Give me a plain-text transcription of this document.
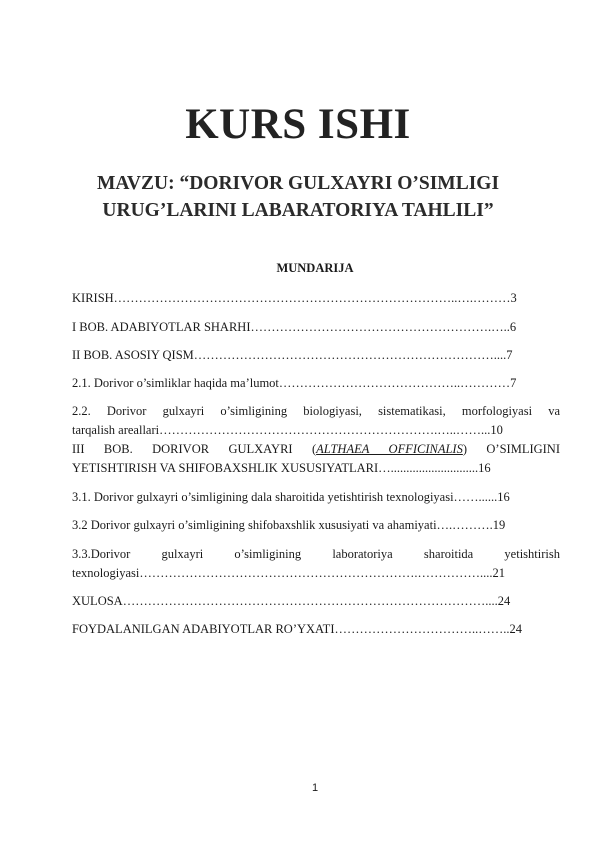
KURS ISHI
MAVZU: “DORIVOR GULXAYRI O’SIMLIGI
URUG’LARINI LABARATORIYA TAHLILI”
MUNDARIJA
KIRISH………………………………………………………………………..….………3
I BOB. ADABIYOTLAR SHARHI………………………………………………….…..6
II BOB. ASOSIY QISM………………………………………………………………....7
2.1. Dorivor o’simliklar haqida ma’lumot……………………………………..…………7
2.2. Dorivor gulxayri o’simligining biologiyasi, sistematikasi, morfologiyasi va
tarqalish areallari………………………………………………………….…..……...10
III BOB. DORIVOR GULXAYRI (ALTHAEA OFFICINALIS) O’SIMLIGINI
YETISHTIRISH VA SHIFOBAXSHLIK XUSUSIYATLARI…............................16
3.1. Dorivor gulxayri o’simligining dala sharoitida yetishtirish texnologiyasi……......16
3.2 Dorivor gulxayri o’simligining shifobaxshlik xususiyati va ahamiyati….……….19
3.3.Dorivor gulxayri o’simligining laboratoriya sharoitida yetishtirish
texnologiyasi………………………………………………………….……………....21
XULOSA……………………………………………………………………………....24
FOYDALANILGAN ADABIYOTLAR RO’YXATI……………………………..……..24
1
